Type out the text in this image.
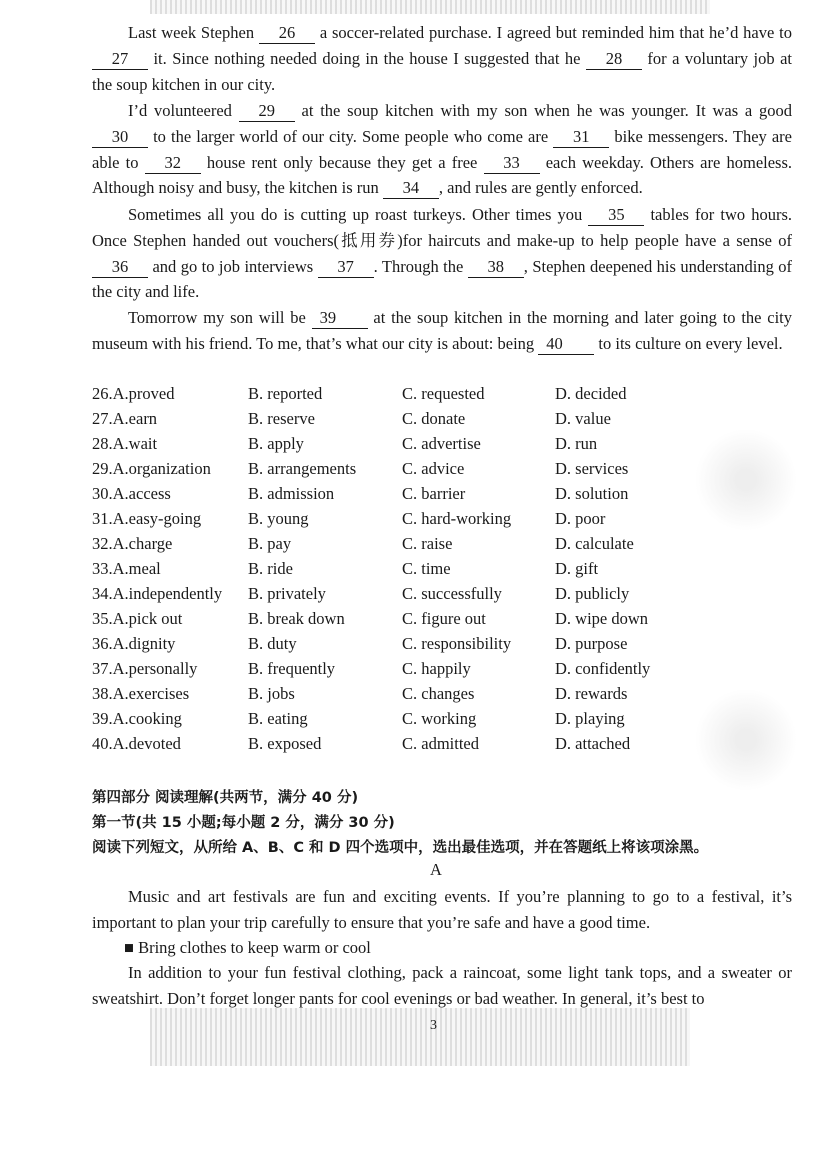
Last week Stephen 26 a soccer-related purchase. I agreed but reminded him that he’d have to 27 it. Since nothing needed doing in the house I suggested that he 28 for a voluntary job at the soup kitchen in our city.

I’d volunteered 29 at the soup kitchen with my son when he was younger. It was a good 30 to the larger world of our city. Some people who come are 31 bike messengers. They are able to 32 house rent only because they get a free 33 each weekday. Others are homeless. Although noisy and busy, the kitchen is run 34 , and rules are gently enforced.

Sometimes all you do is cutting up roast turkeys. Other times you 35 tables for two hours. Once Stephen handed out vouchers(抵用券)for haircuts and make-up to help people have a sense of 36 and go to job interviews 37 . Through the 38 , Stephen deepened his understanding of the city and life.

Tomorrow my son will be 39 at the soup kitchen in the morning and later going to the city museum with his friend. To me, that’s what our city is about: being 40 to its culture on every level.

26.A.proved	B. reported	C. requested	D. decided
27.A.earn	B. reserve	C. donate	D. value
28.A.wait	B. apply	C. advertise	D. run
29.A.organization B. arrangements	C. advice	D. services
30.A.access	B. admission	C. barrier	D. solution
31.A.easy-going	B. young	C. hard-working	D. poor
32.A.charge	B. pay	C. raise	D. calculate
33.A.meal	B. ride	C. time	D. gift
34.A.independently B. privately	C. successfully	D. publicly
35.A.pick out	B. break down	C. figure out	D. wipe down
36.A.dignity	B. duty	C. responsibility	D. purpose
37.A.personally	B. frequently	C. happily	D. confidently
38.A.exercises	B. jobs	C. changes	D. rewards
39.A.cooking	B. eating	C. working	D. playing
40.A.devoted	B. exposed	C. admitted	D. attached
第四部分 阅读理解(共两节，满分 40 分)
第一节(共 15 小题;每小题 2 分，满分 30 分)
阅读下列短文，从所给 A、B、C 和 D 四个选项中，选出最佳选项，并在答题纸上将该项涂黑。
A

Music and art festivals are fun and exciting events. If you’re planning to go to a festival, it’s important to plan your trip carefully to ensure that you’re safe and have a good time.

■ Bring clothes to keep warm or cool

In addition to your fun festival clothing, pack a raincoat, some light tank tops, and a sweater or sweatshirt. Don’t forget longer pants for cool evenings or bad weather. In general, it’s best to

3
